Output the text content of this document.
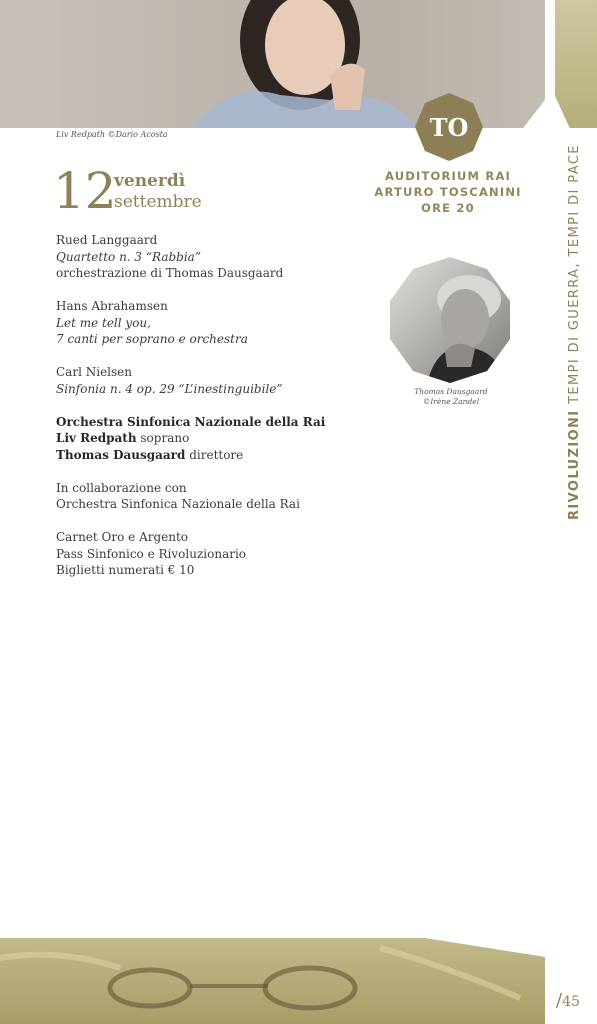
Liv Redpath ©Dario Acosta	TO
AUDITORIUM RAI
ARTURO TOSCANINI
ORE 20
12
venerdì
settembre

Rued Langgaard
Quartetto n. 3 “Rabbia”
orchestrazione di Thomas Dausgaard

Hans Abrahamsen
Let me tell you,
7 canti per soprano e orchestra

Carl Nielsen
Sinfonia n. 4 op. 29 “L’inestinguibile”

Orchestra Sinfonica Nazionale della Rai
Liv Redpath soprano
Thomas Dausgaard direttore

In collaborazione con
Orchestra Sinfonica Nazionale della Rai

Carnet Oro e Argento
Pass Sinfonico e Rivoluzionario
Biglietti numerati € 10

Thomas Dausgaard
©Irène Zandel
RIVOLUZIONI TEMPI DI GUERRA, TEMPI DI PACE
/45
